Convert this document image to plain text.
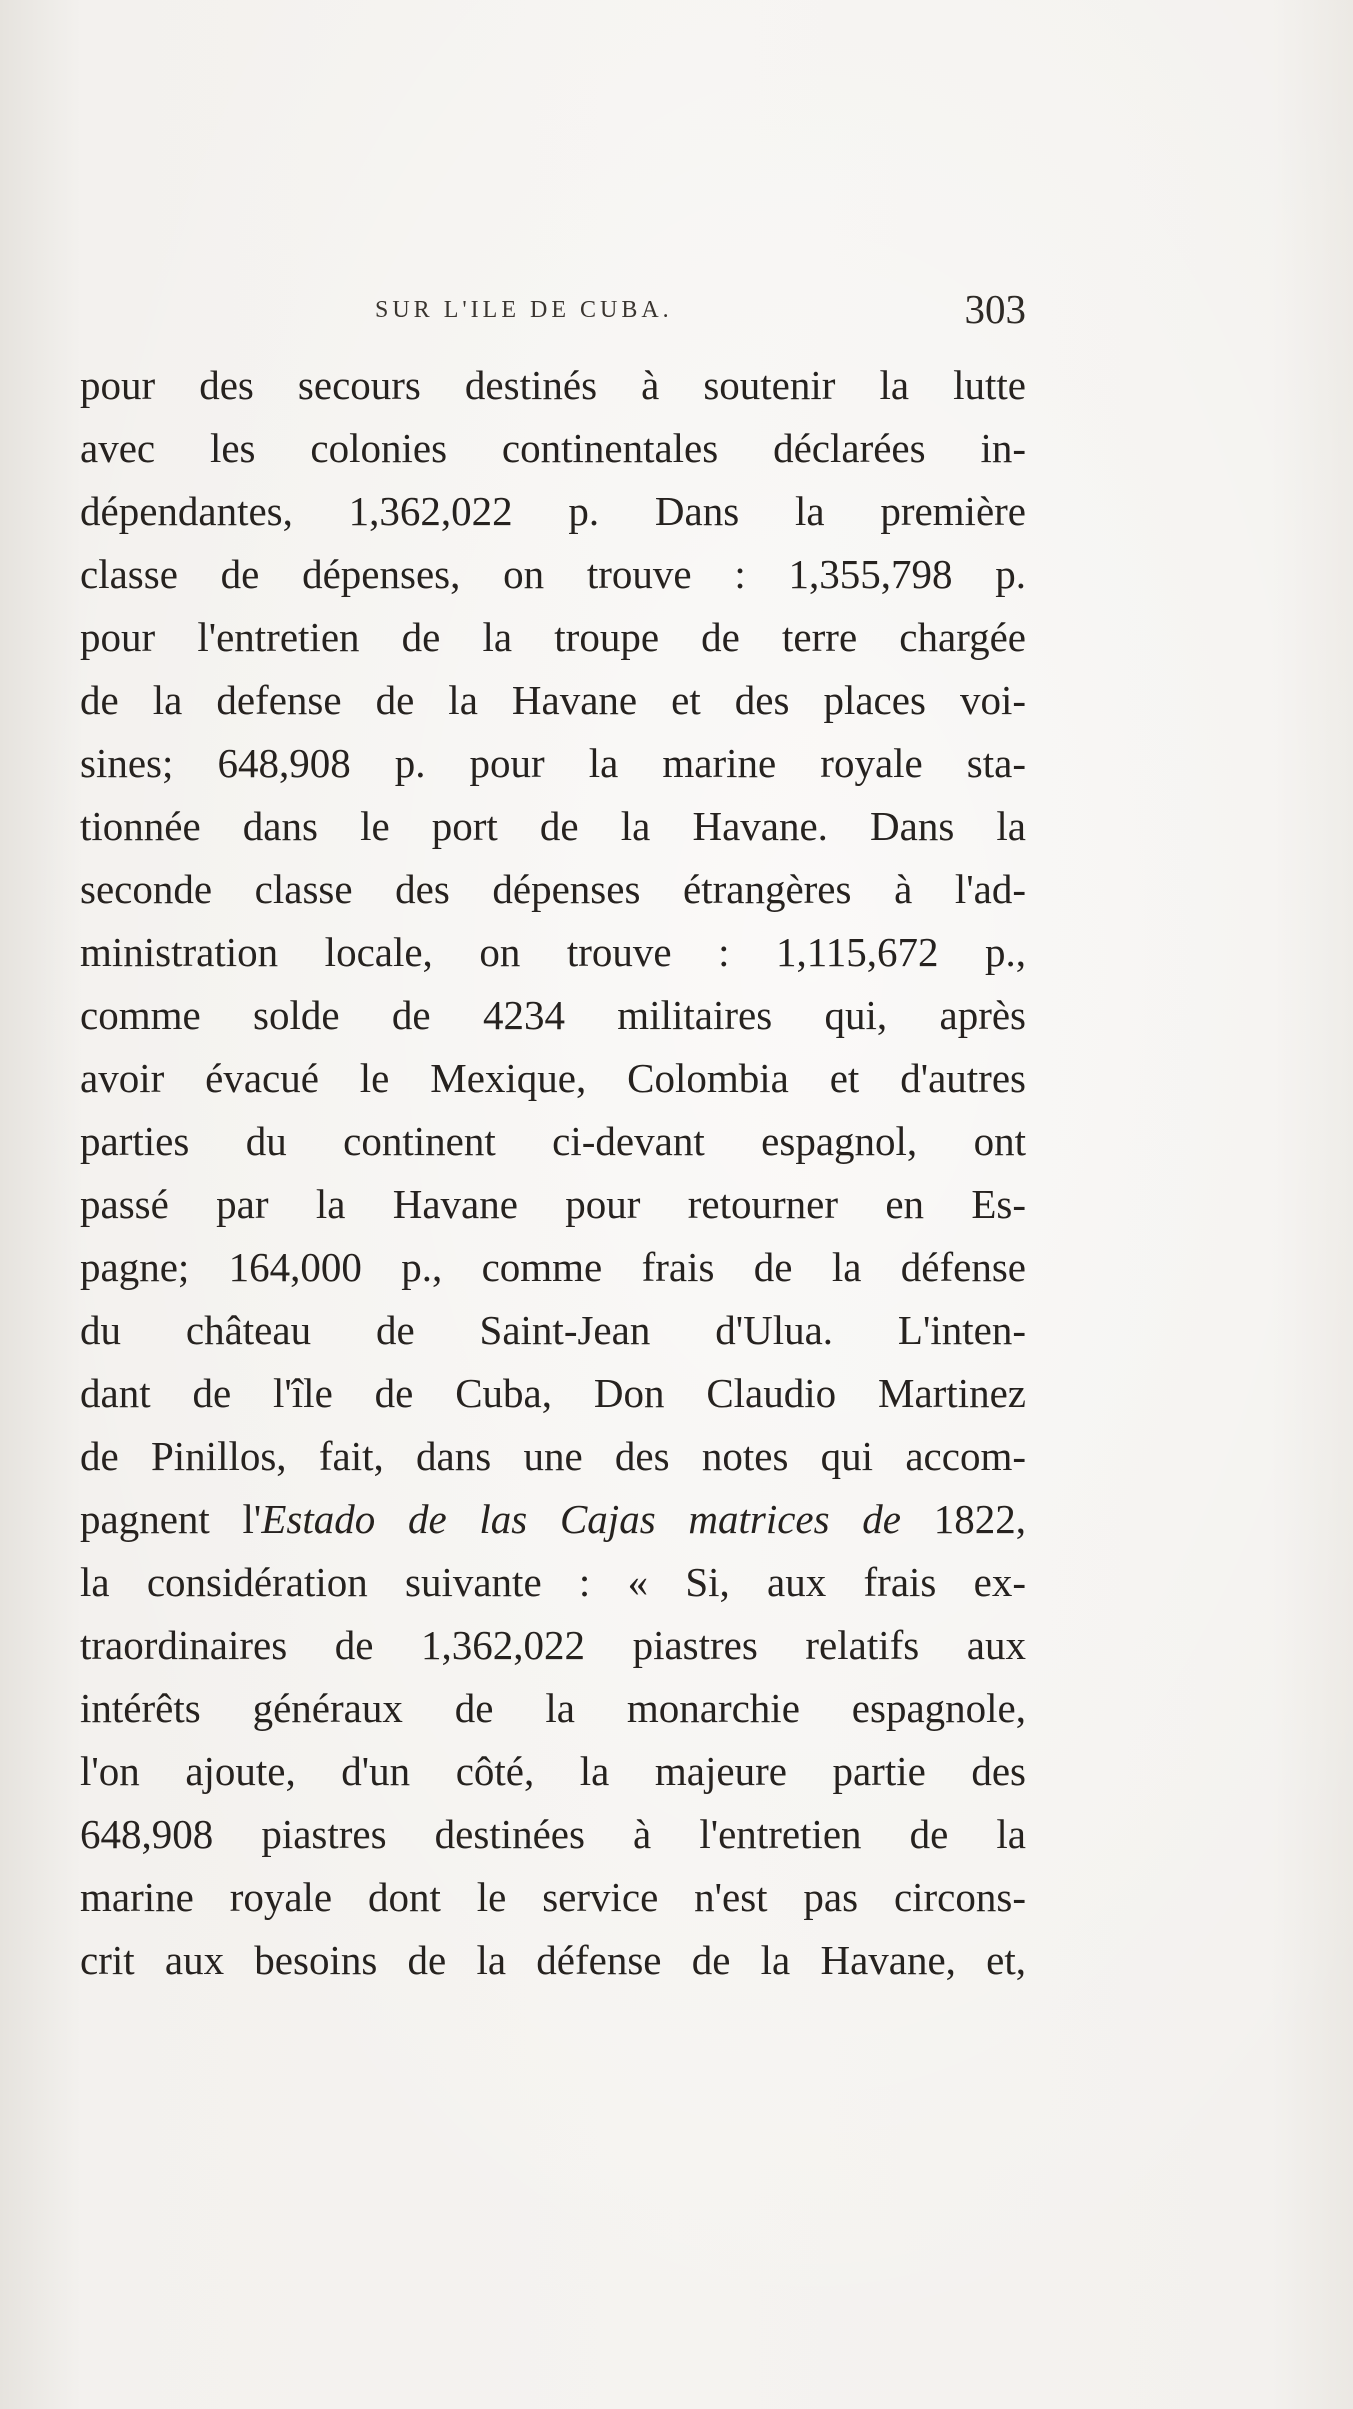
SUR L'ILE DE CUBA.	303
pour des secours destinés à soutenir la lutte
avec les colonies continentales déclarées in-
dépendantes, 1,362,022 p. Dans la première
classe de dépenses, on trouve : 1,355,798 p.
pour l'entretien de la troupe de terre chargée
de la defense de la Havane et des places voi-
sines; 648,908 p. pour la marine royale sta-
tionnée dans le port de la Havane. Dans la
seconde classe des dépenses étrangères à l'ad-
ministration locale, on trouve : 1,115,672 p.,
comme solde de 4234 militaires qui, après
avoir évacué le Mexique, Colombia et d'autres
parties du continent ci-devant espagnol, ont
passé par la Havane pour retourner en Es-
pagne; 164,000 p., comme frais de la défense
du château de Saint-Jean d'Ulua. L'inten-
dant de l'île de Cuba, Don Claudio Martinez
de Pinillos, fait, dans une des notes qui accom-
pagnent l'Estado de las Cajas matrices de 1822,
la considération suivante : « Si, aux frais ex-
traordinaires de 1,362,022 piastres relatifs aux
intérêts généraux de la monarchie espagnole,
l'on ajoute, d'un côté, la majeure partie des
648,908 piastres destinées à l'entretien de la
marine royale dont le service n'est pas circons-
crit aux besoins de la défense de la Havane, et,
